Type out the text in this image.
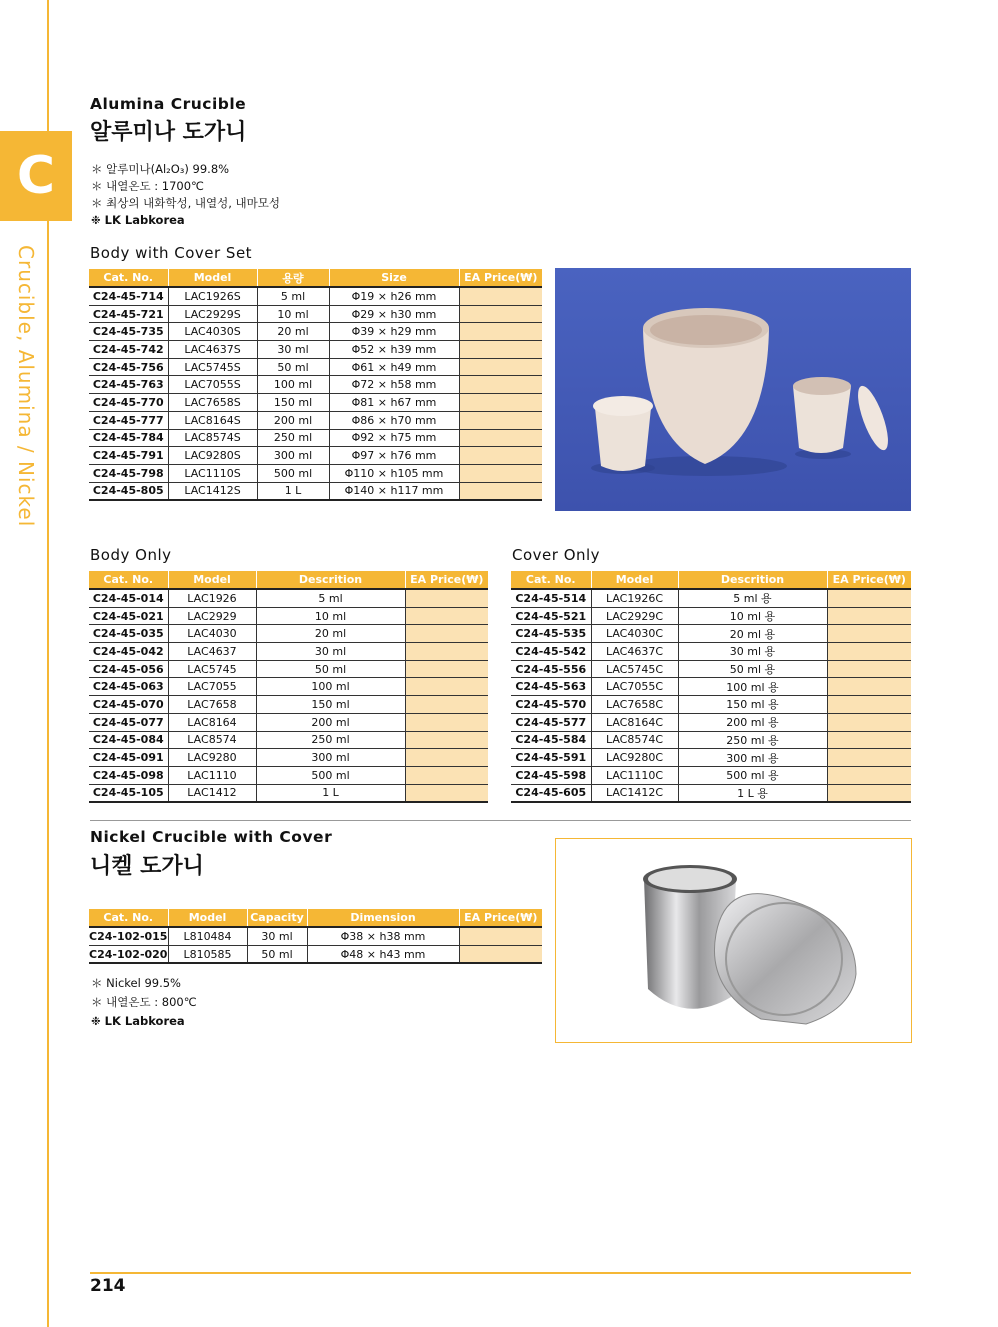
C
Crucible, Alumina / Nickel
Alumina Crucible
알루미나 도가니
＊ 알루미나(Al₂O₃) 99.8%
＊ 내열온도 : 1700℃
＊ 최상의 내화학성, 내열성, 내마모성
❉ LK Labkorea
Body with Cover Set
Cat. No.	Model	용량	Size	EA Price(₩)
C24-45-714	LAC1926S	5 ml	Φ19 × h26 mm	
C24-45-721	LAC2929S	10 ml	Φ29 × h30 mm	
C24-45-735	LAC4030S	20 ml	Φ39 × h29 mm	
C24-45-742	LAC4637S	30 ml	Φ52 × h39 mm	
C24-45-756	LAC5745S	50 ml	Φ61 × h49 mm	
C24-45-763	LAC7055S	100 ml	Φ72 × h58 mm	
C24-45-770	LAC7658S	150 ml	Φ81 × h67 mm	
C24-45-777	LAC8164S	200 ml	Φ86 × h70 mm	
C24-45-784	LAC8574S	250 ml	Φ92 × h75 mm	
C24-45-791	LAC9280S	300 ml	Φ97 × h76 mm	
C24-45-798	LAC1110S	500 ml	Φ110 × h105 mm	
C24-45-805	LAC1412S	1 L	Φ140 × h117 mm	
Body Only
Cat. No.	Model	Descrition	EA Price(₩)
C24-45-014	LAC1926	5 ml	
C24-45-021	LAC2929	10 ml	
C24-45-035	LAC4030	20 ml	
C24-45-042	LAC4637	30 ml	
C24-45-056	LAC5745	50 ml	
C24-45-063	LAC7055	100 ml	
C24-45-070	LAC7658	150 ml	
C24-45-077	LAC8164	200 ml	
C24-45-084	LAC8574	250 ml	
C24-45-091	LAC9280	300 ml	
C24-45-098	LAC1110	500 ml	
C24-45-105	LAC1412	1 L	
Cover Only
Cat. No.	Model	Descrition	EA Price(₩)
C24-45-514	LAC1926C	5 ml 용	
C24-45-521	LAC2929C	10 ml 용	
C24-45-535	LAC4030C	20 ml 용	
C24-45-542	LAC4637C	30 ml 용	
C24-45-556	LAC5745C	50 ml 용	
C24-45-563	LAC7055C	100 ml 용	
C24-45-570	LAC7658C	150 ml 용	
C24-45-577	LAC8164C	200 ml 용	
C24-45-584	LAC8574C	250 ml 용	
C24-45-591	LAC9280C	300 ml 용	
C24-45-598	LAC1110C	500 ml 용	
C24-45-605	LAC1412C	1 L 용	
Nickel Crucible with Cover
니켈 도가니
Cat. No.	Model	Capacity	Dimension	EA Price(₩)
C24-102-015	L810484	30 ml	Φ38 × h38 mm	
C24-102-020	L810585	50 ml	Φ48 × h43 mm	
＊ Nickel 99.5%
＊ 내열온도 : 800℃
❉ LK Labkorea
214
